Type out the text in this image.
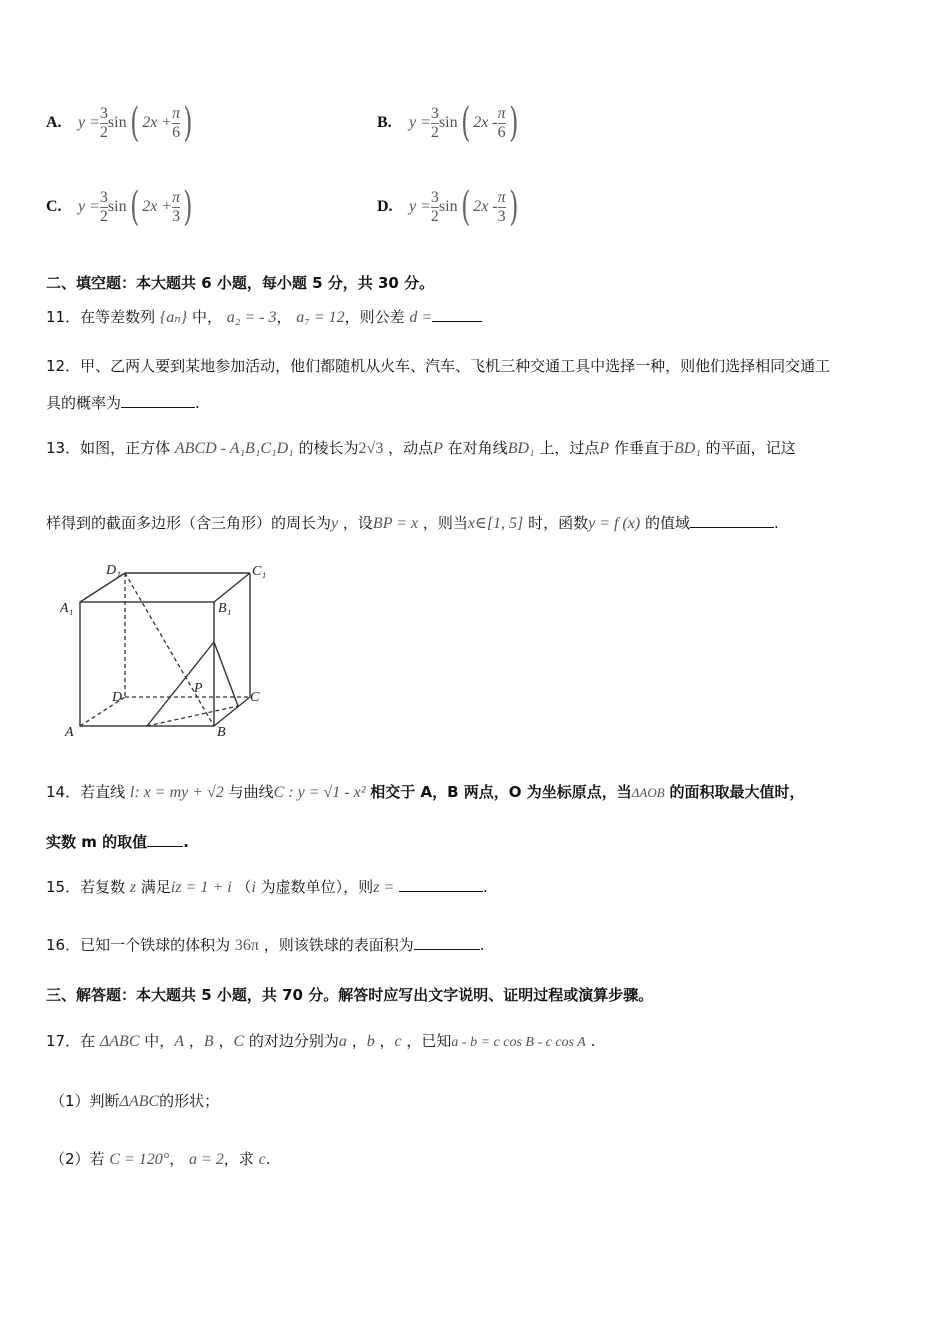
A.	$y = \frac{3}{2}$ sin ( $2x + \frac{\pi}{6}$ )	B.	$y = \frac{3}{2}$ sin ( $2x - \frac{\pi}{6}$ )
C.	$y = \frac{3}{2}$ sin ( $2x + \frac{\pi}{3}$ )	D.	$y = \frac{3}{2}$ sin ( $2x - \frac{\pi}{3}$ )
二、填空题：本大题共 6 小题，每小题 5 分，共 30 分。
11．在等差数列 {aₙ} 中， a₂ = - 3， a₇ = 12，则公差 d =
12．甲、乙两人要到某地参加活动，他们都随机从火车、汽车、飞机三种交通工具中选择一种，则他们选择相同交通工
具的概率为	.
13．如图，正方体 ABCD - A₁B₁C₁D₁ 的棱长为2√3 ，动点P 在对角线BD₁ 上，过点P 作垂直于BD₁ 的平面，记这
样得到的截面多边形（含三角形）的周长为y ，设BP = x ，则当x∈[1, 5] 时，函数y = f (x) 的值域	.
D₁	C₁
A₁	B₁
D	C
A	B
P
14．若直线 l: x = my + √2 与曲线C : y = √1 - x² 相交于 A，B 两点，O 为坐标原点，当ΔAOB 的面积取最大值时，
实数 m 的取值 .
15．若复数 z 满足iz = 1 + i （i 为虚数单位），则z =	.
16．已知一个铁球的体积为 36π ，则该铁球的表面积为	.
三、解答题：本大题共 5 小题，共 70 分。解答时应写出文字说明、证明过程或演算步骤。
17．在 ΔABC 中，A ，B ，C 的对边分别为a ，b ，c ，已知a - b = c cos B - c cos A .
（1）判断ΔABC的形状；
（2）若 C = 120°， a = 2，求 c.
